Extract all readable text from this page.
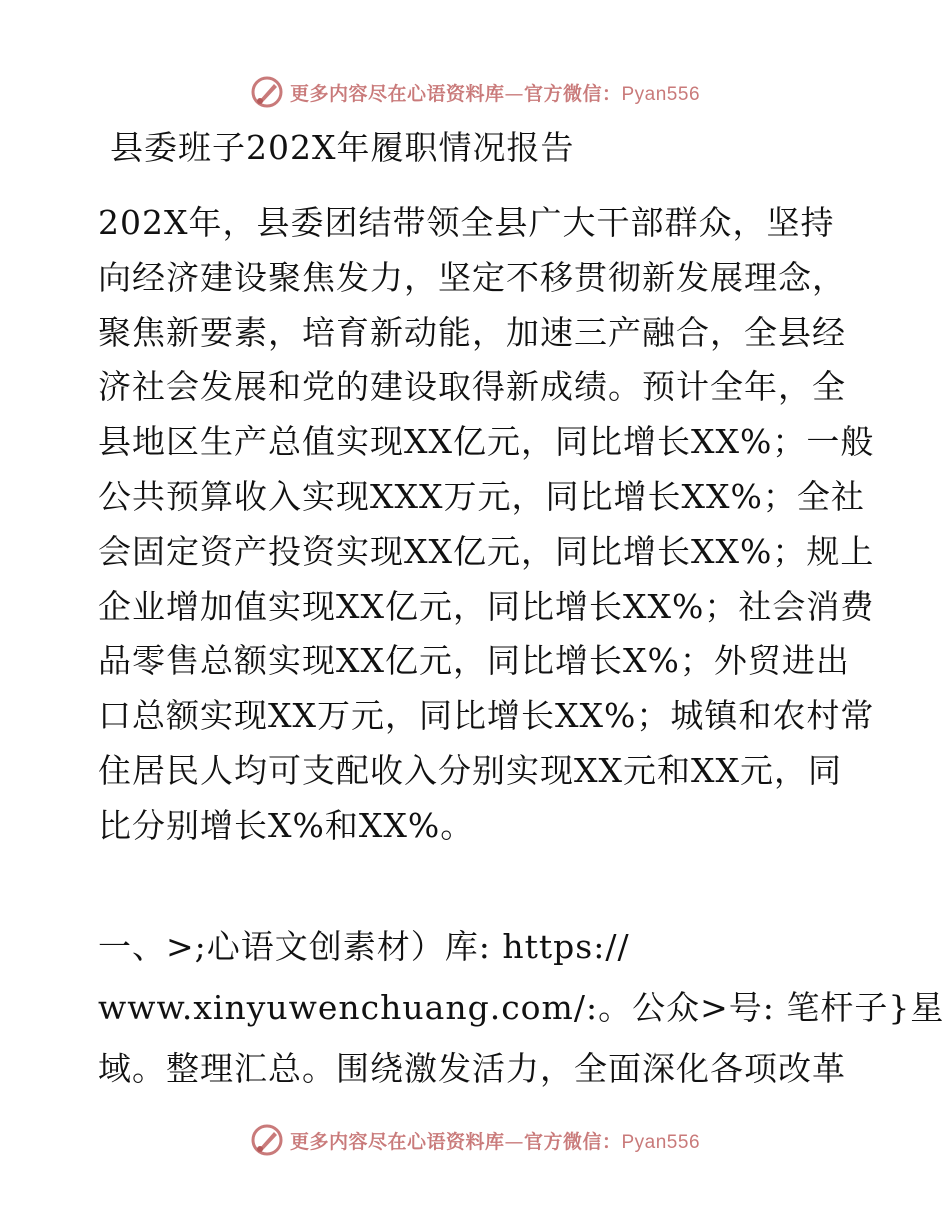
更多内容尽在心语资料库—官方微信：Pyan556
县委班子202X年履职情况报告
202X年，县委团结带领全县广大干部群众，坚持
向经济建设聚焦发力，坚定不移贯彻新发展理念，
聚焦新要素，培育新动能，加速三产融合，全县经
济社会发展和党的建设取得新成绩。预计全年，全
县地区生产总值实现XX亿元，同比增长XX%；一般
公共预算收入实现XXX万元，同比增长XX%；全社
会固定资产投资实现XX亿元，同比增长XX%；规上
企业增加值实现XX亿元，同比增长XX%；社会消费
品零售总额实现XX亿元，同比增长X%；外贸进出
口总额实现XX万元，同比增长XX%；城镇和农村常
住居民人均可支配收入分别实现XX元和XX元，同
比分别增长X%和XX%。
一、>;心语文创素材）库: https://
www.xinyuwenchuang.com/:。公众>号: 笔杆子}星
域。整理汇总。围绕激发活力，全面深化各项改革
更多内容尽在心语资料库—官方微信：Pyan556
